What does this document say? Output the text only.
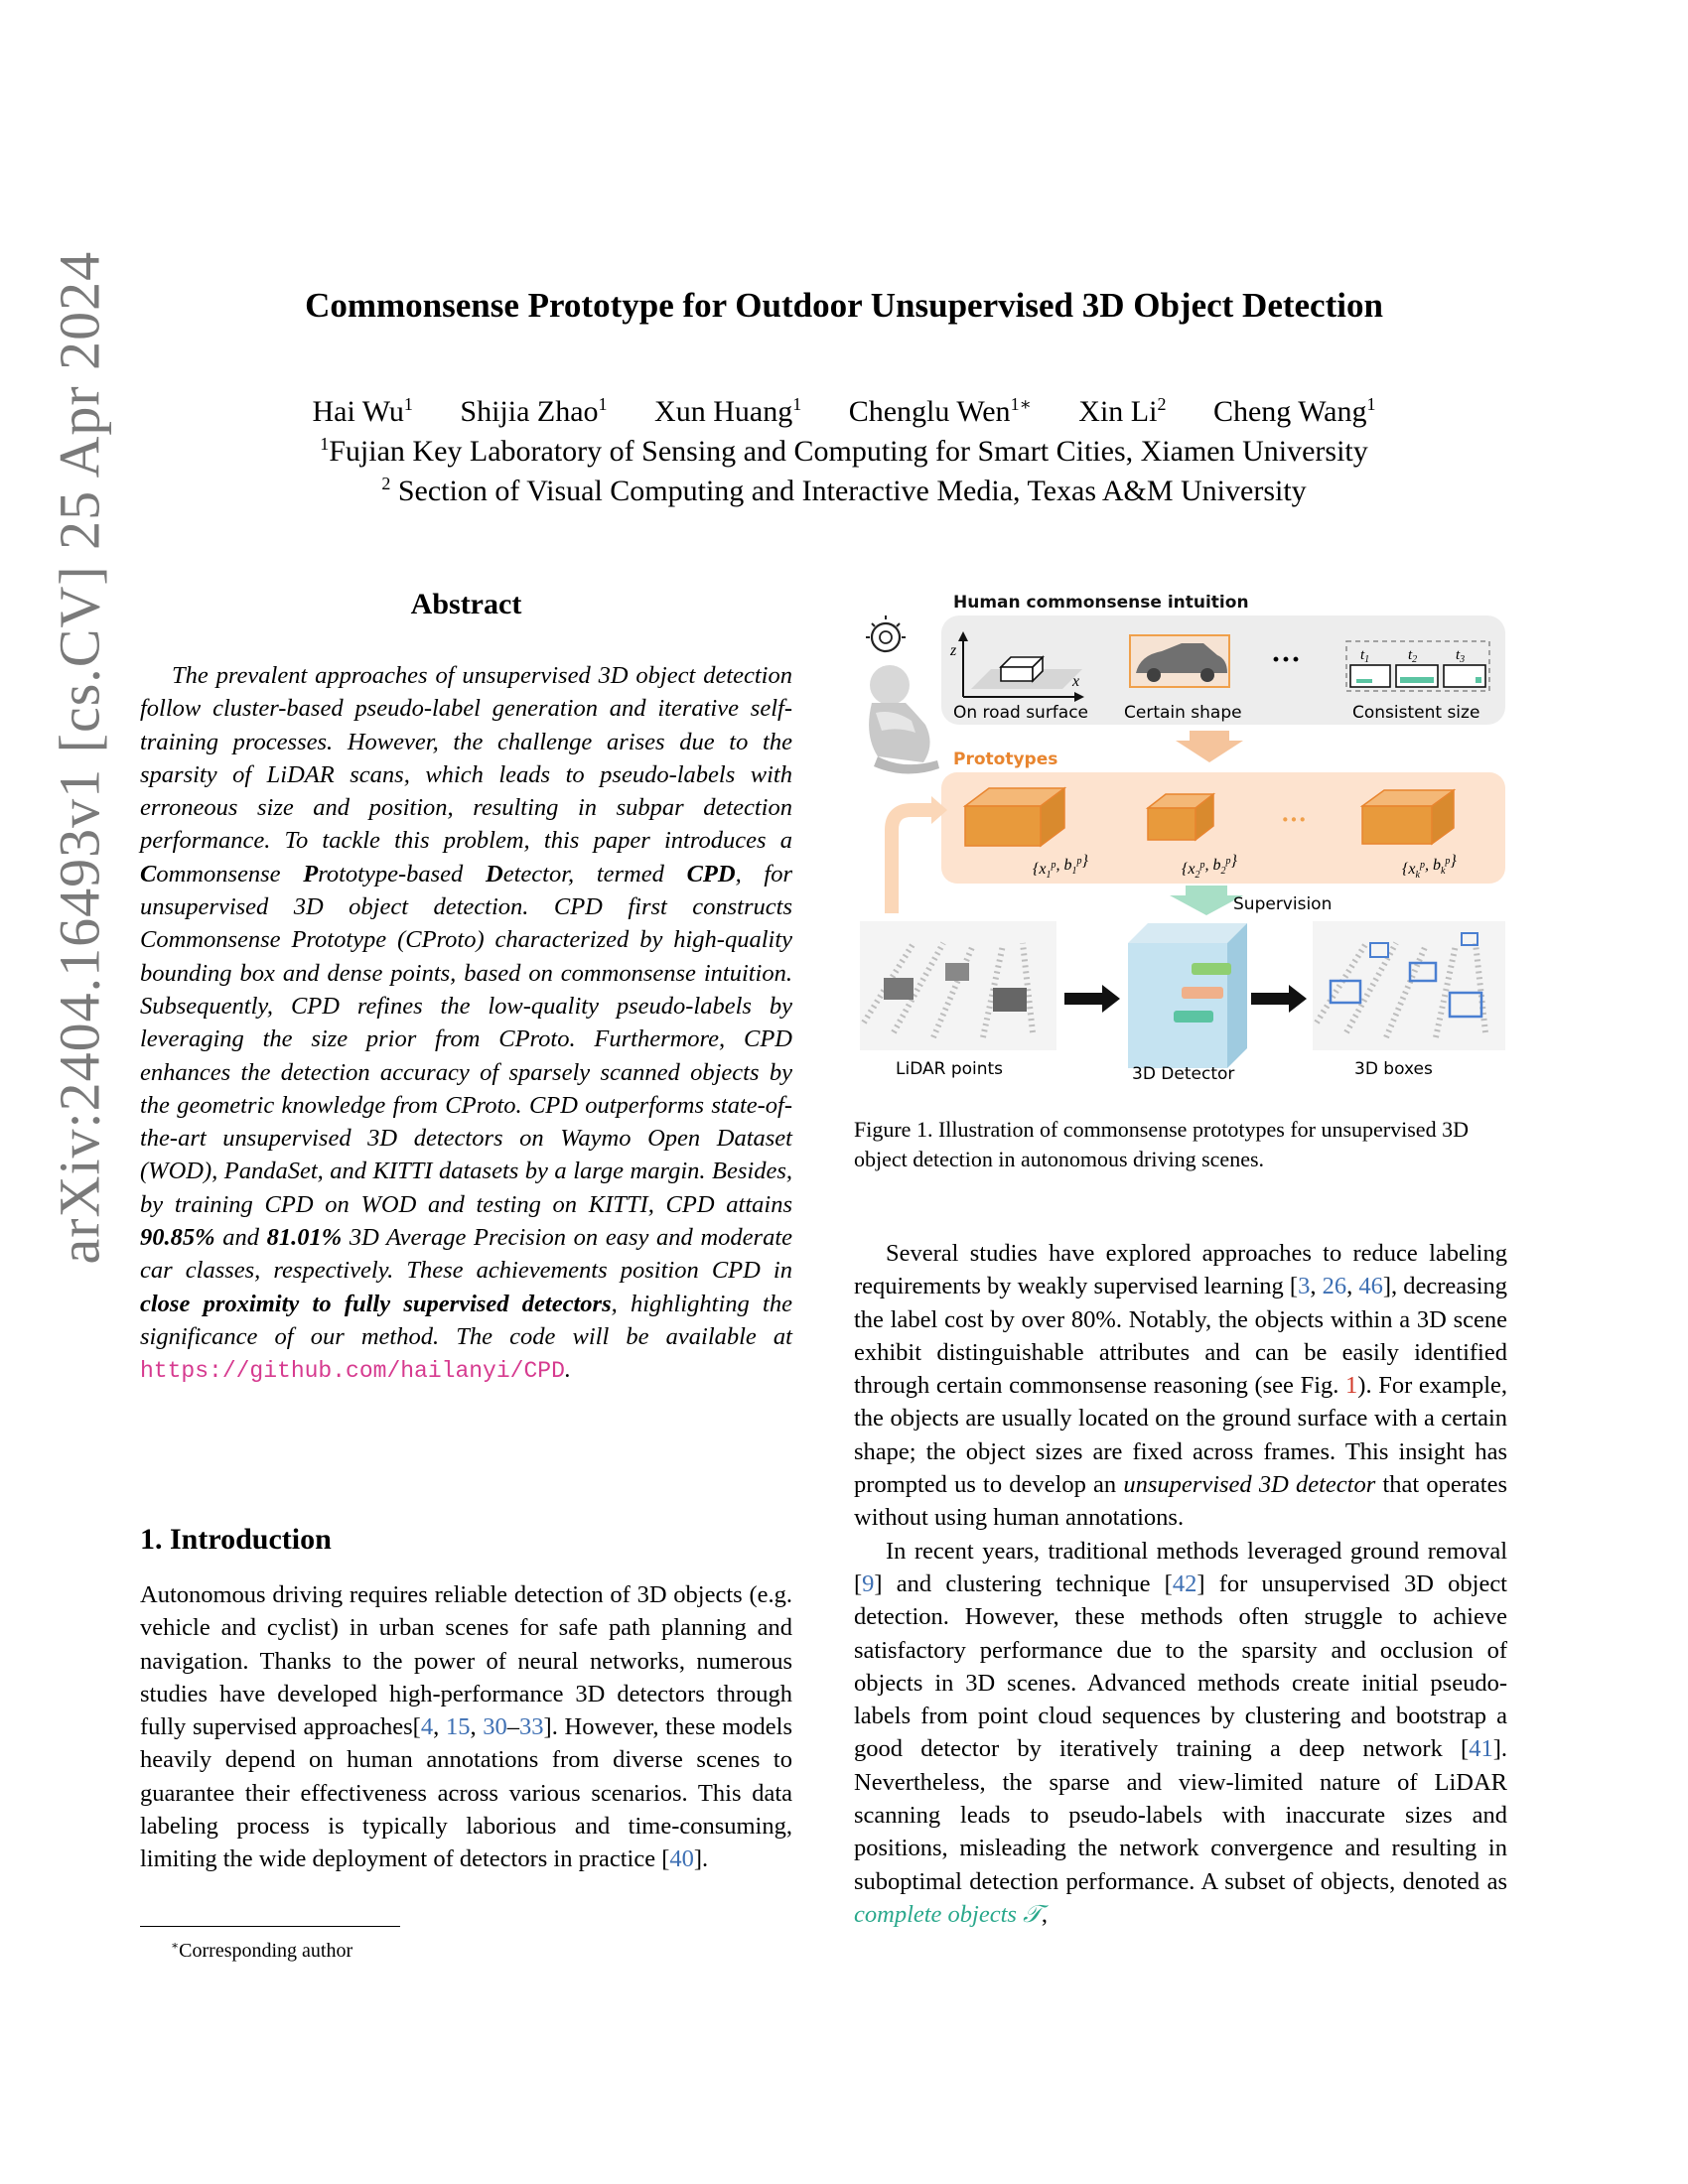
arXiv:2404.16493v1 [cs.CV] 25 Apr 2024	Commonsense Prototype for Outdoor Unsupervised 3D Object Detection
Hai Wu$^1$ Shijia Zhao$^1$ Xun Huang$^1$ Chenglu Wen$^{1∗}$ Xin Li$^2$ Cheng Wang$^1$
$^1$Fujian Key Laboratory of Sensing and Computing for Smart Cities, Xiamen University
$^2$ Section of Visual Computing and Interactive Media, Texas A&M University
Abstract

The prevalent approaches of unsupervised 3D object detection follow cluster-based pseudo-label generation and iterative self-training processes. However, the challenge arises due to the sparsity of LiDAR scans, which leads to pseudo-labels with erroneous size and position, resulting in subpar detection performance. To tackle this problem, this paper introduces a Commonsense Prototype-based Detector, termed CPD, for unsupervised 3D object detection. CPD first constructs Commonsense Prototype (CProto) characterized by high-quality bounding box and dense points, based on commonsense intuition. Subsequently, CPD refines the low-quality pseudo-labels by leveraging the size prior from CProto. Furthermore, CPD enhances the detection accuracy of sparsely scanned objects by the geometric knowledge from CProto. CPD outperforms state-of-the-art unsupervised 3D detectors on Waymo Open Dataset (WOD), PandaSet, and KITTI datasets by a large margin. Besides, by training CPD on WOD and testing on KITTI, CPD attains 90.85% and 81.01% 3D Average Precision on easy and moderate car classes, respectively. These achievements position CPD in close proximity to fully supervised detectors, highlighting the significance of our method. The code will be available at https://github.com/hailanyi/CPD.

1. Introduction

Autonomous driving requires reliable detection of 3D objects (e.g. vehicle and cyclist) in urban scenes for safe path planning and navigation. Thanks to the power of neural networks, numerous studies have developed high-performance 3D detectors through fully supervised approaches[4, 15, 30–33]. However, these models heavily depend on human annotations from diverse scenes to guarantee their effectiveness across various scenarios. This data labeling process is typically laborious and time-consuming, limiting the wide deployment of detectors in practice [40].

∗Corresponding author
Human commonsense intuition
z
x
On road surface Certain shape
···	$t_1$	$t_2$	$t_3$
Consistent size
Prototypes
···
{$x_1^p$, $b_1^p$}	{$x_2^p$, $b_2^p$}	{$x_k^p$, $b_k^p$}
Supervision
LiDAR points	3D Detector	3D boxes
Figure 1. Illustration of commonsense prototypes for unsupervised 3D object detection in autonomous driving scenes.

Several studies have explored approaches to reduce labeling requirements by weakly supervised learning [3, 26, 46], decreasing the label cost by over 80%. Notably, the objects within a 3D scene exhibit distinguishable attributes and can be easily identified through certain commonsense reasoning (see Fig. 1). For example, the objects are usually located on the ground surface with a certain shape; the object sizes are fixed across frames. This insight has prompted us to develop an unsupervised 3D detector that operates without using human annotations.

In recent years, traditional methods leveraged ground removal [9] and clustering technique [42] for unsupervised 3D object detection. However, these methods often struggle to achieve satisfactory performance due to the sparsity and occlusion of objects in 3D scenes. Advanced methods create initial pseudo-labels from point cloud sequences by clustering and bootstrap a good detector by iteratively training a deep network [41]. Nevertheless, the sparse and view-limited nature of LiDAR scanning leads to pseudo-labels with inaccurate sizes and positions, misleading the network convergence and resulting in suboptimal detection performance. A subset of objects, denoted as complete objects 𝒯,
